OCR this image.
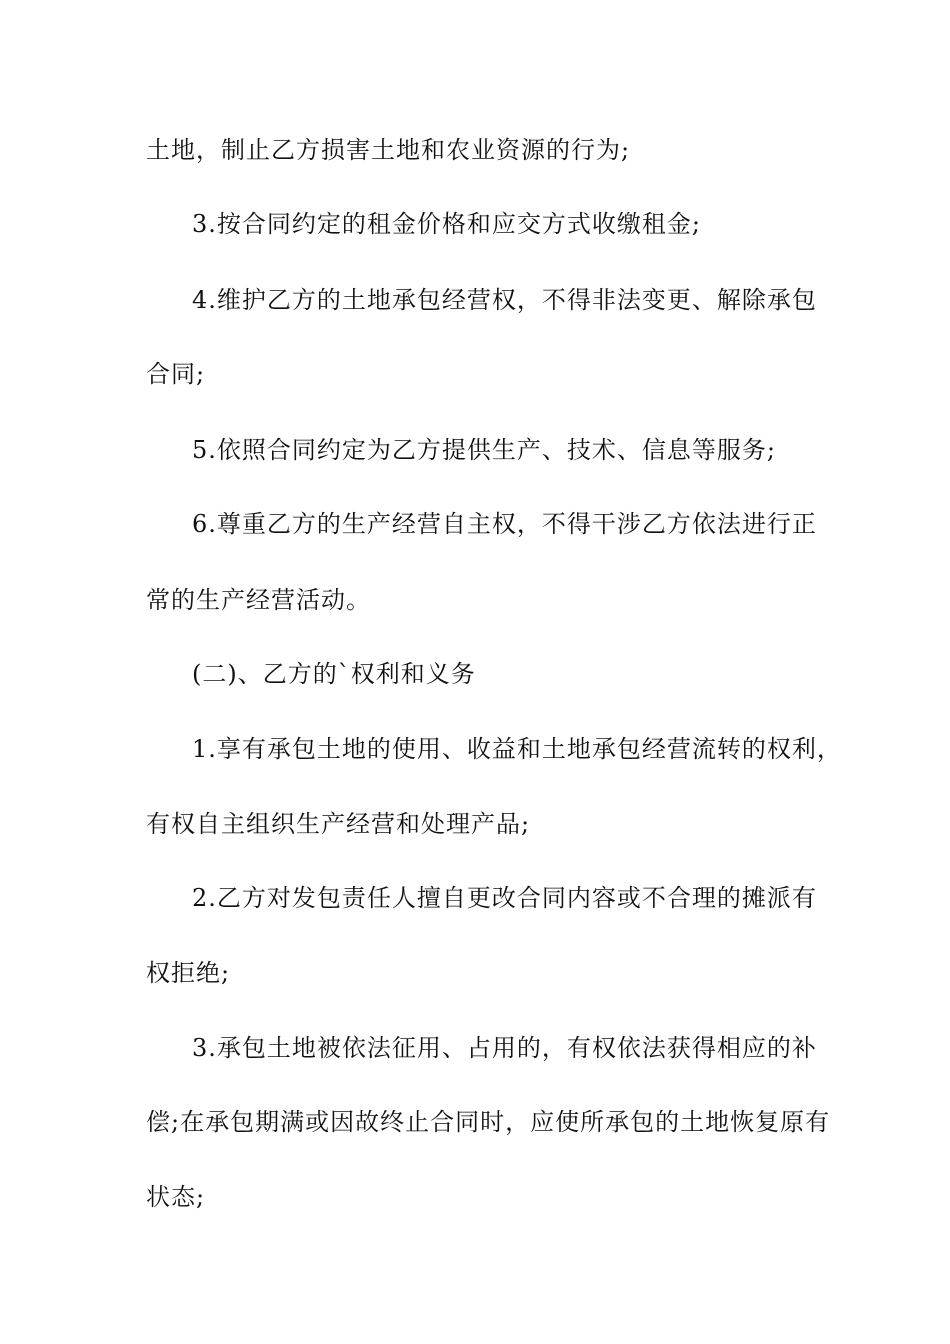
土地，制止乙方损害土地和农业资源的行为;
3.按合同约定的租金价格和应交方式收缴租金;
4.维护乙方的土地承包经营权，不得非法变更、解除承包
合同;
5.依照合同约定为乙方提供生产、技术、信息等服务;
6.尊重乙方的生产经营自主权，不得干涉乙方依法进行正
常的生产经营活动。
(二)、乙方的`权利和义务
1.享有承包土地的使用、收益和土地承包经营流转的权利，
有权自主组织生产经营和处理产品;
2.乙方对发包责任人擅自更改合同内容或不合理的摊派有
权拒绝;
3.承包土地被依法征用、占用的，有权依法获得相应的补
偿;在承包期满或因故终止合同时，应使所承包的土地恢复原有
状态;
